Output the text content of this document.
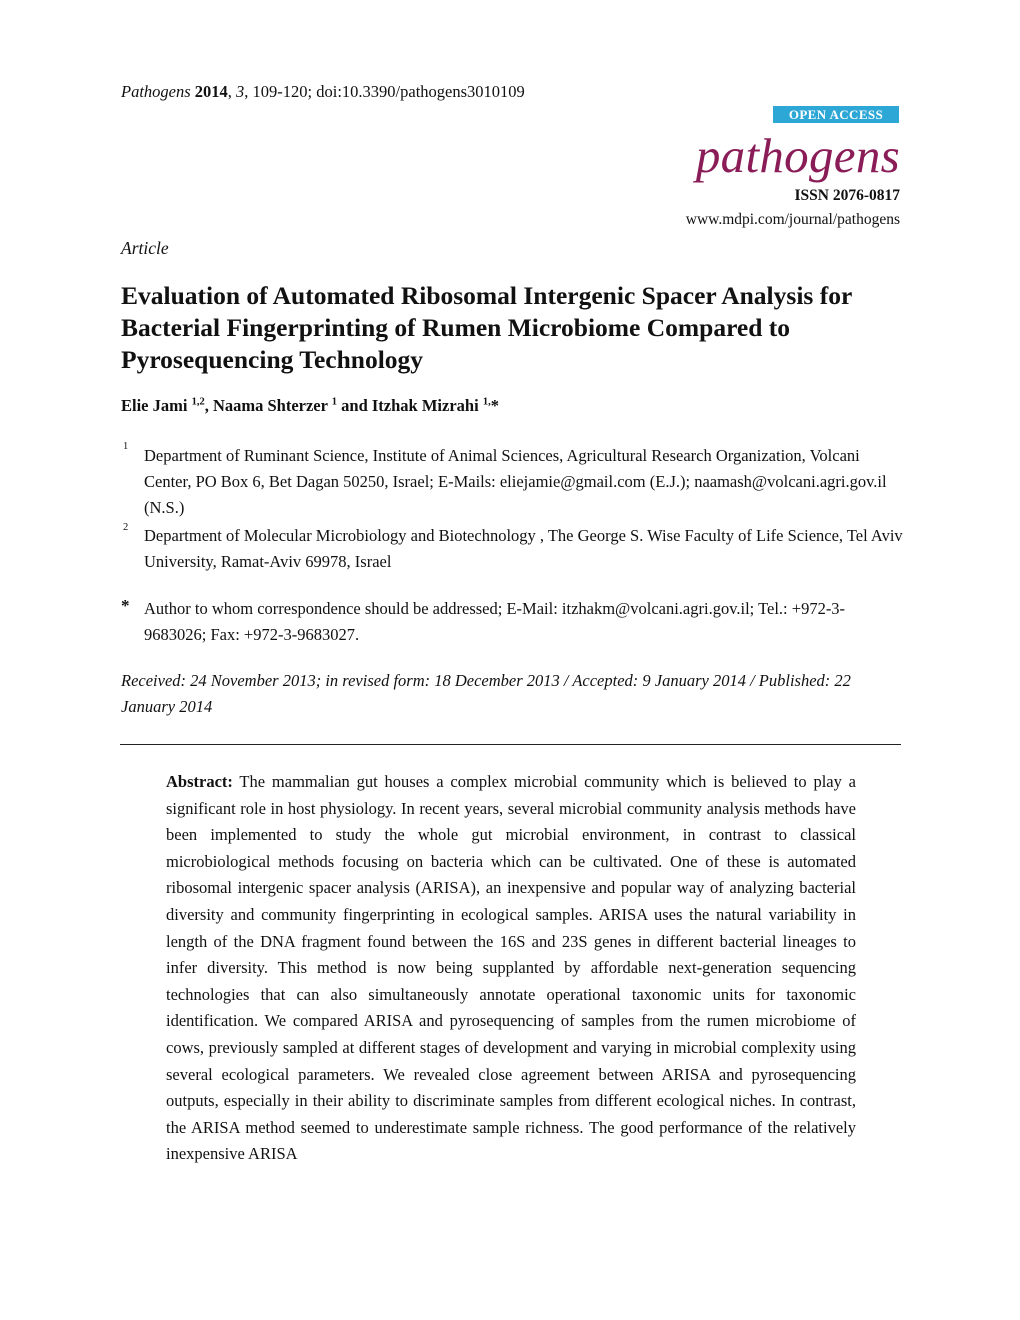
Pathogens 2014, 3, 109-120; doi:10.3390/pathogens3010109
OPEN ACCESS
pathogens
ISSN 2076-0817
www.mdpi.com/journal/pathogens
Article
Evaluation of Automated Ribosomal Intergenic Spacer Analysis for Bacterial Fingerprinting of Rumen Microbiome Compared to Pyrosequencing Technology
Elie Jami $^{1,2}$, Naama Shterzer $^1$ and Itzhak Mizrahi $^{1,}$*
1 Department of Ruminant Science, Institute of Animal Sciences, Agricultural Research Organization, Volcani Center, PO Box 6, Bet Dagan 50250, Israel; E-Mails: eliejamie@gmail.com (E.J.); naamash@volcani.agri.gov.il (N.S.)
2 Department of Molecular Microbiology and Biotechnology , The George S. Wise Faculty of Life Science, Tel Aviv University, Ramat-Aviv 69978, Israel
* Author to whom correspondence should be addressed; E-Mail: itzhakm@volcani.agri.gov.il; Tel.: +972-3-9683026; Fax: +972-3-9683027.
Received: 24 November 2013; in revised form: 18 December 2013 / Accepted: 9 January 2014 / Published: 22 January 2014
Abstract: The mammalian gut houses a complex microbial community which is believed to play a significant role in host physiology. In recent years, several microbial community analysis methods have been implemented to study the whole gut microbial environment, in contrast to classical microbiological methods focusing on bacteria which can be cultivated. One of these is automated ribosomal intergenic spacer analysis (ARISA), an inexpensive and popular way of analyzing bacterial diversity and community fingerprinting in ecological samples. ARISA uses the natural variability in length of the DNA fragment found between the 16S and 23S genes in different bacterial lineages to infer diversity. This method is now being supplanted by affordable next-generation sequencing technologies that can also simultaneously annotate operational taxonomic units for taxonomic identification. We compared ARISA and pyrosequencing of samples from the rumen microbiome of cows, previously sampled at different stages of development and varying in microbial complexity using several ecological parameters. We revealed close agreement between ARISA and pyrosequencing outputs, especially in their ability to discriminate samples from different ecological niches. In contrast, the ARISA method seemed to underestimate sample richness. The good performance of the relatively inexpensive ARISA
